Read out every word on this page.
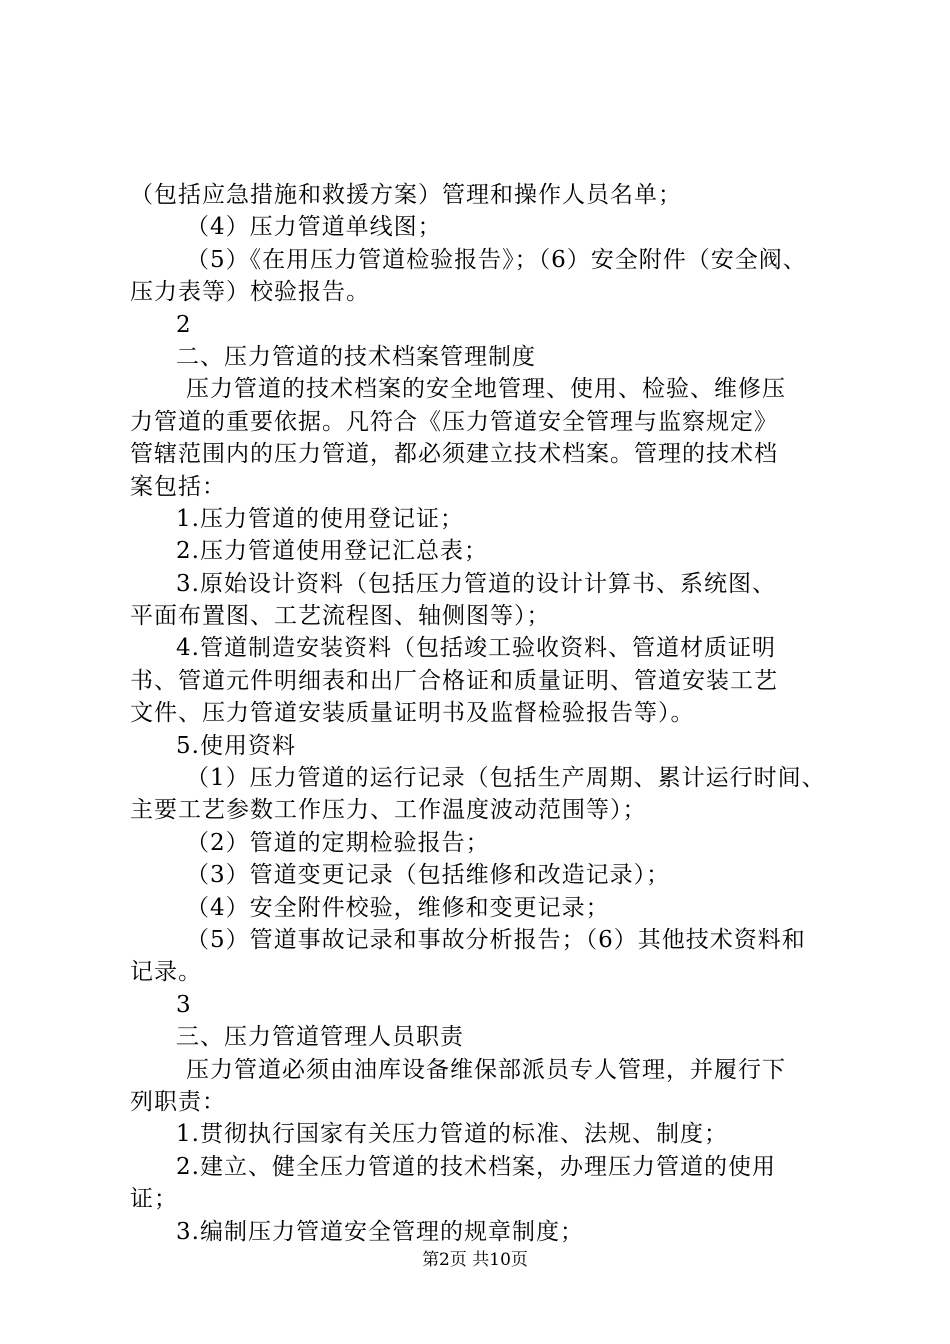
（包括应急措施和救援方案）管理和操作人员名单；
（4）压力管道单线图；
（5）《在用压力管道检验报告》；（6）安全附件（安全阀、
压力表等）校验报告。
2
二、压力管道的技术档案管理制度
压力管道的技术档案的安全地管理、使用、检验、维修压
力管道的重要依据。凡符合《压力管道安全管理与监察规定》
管辖范围内的压力管道，都必须建立技术档案。管理的技术档
案包括：
1.压力管道的使用登记证；
2.压力管道使用登记汇总表；
3.原始设计资料（包括压力管道的设计计算书、系统图、
平面布置图、工艺流程图、轴侧图等）；
4.管道制造安装资料（包括竣工验收资料、管道材质证明
书、管道元件明细表和出厂合格证和质量证明、管道安装工艺
文件、压力管道安装质量证明书及监督检验报告等）。
5.使用资料
（1）压力管道的运行记录（包括生产周期、累计运行时间、
主要工艺参数工作压力、工作温度波动范围等）；
（2）管道的定期检验报告；
（3）管道变更记录（包括维修和改造记录）；
（4）安全附件校验，维修和变更记录；
（5）管道事故记录和事故分析报告；（6）其他技术资料和
记录。
3
三、压力管道管理人员职责
压力管道必须由油库设备维保部派员专人管理，并履行下
列职责：
1.贯彻执行国家有关压力管道的标准、法规、制度；
2.建立、健全压力管道的技术档案，办理压力管道的使用
证；
3.编制压力管道安全管理的规章制度；
第2页 共10页
